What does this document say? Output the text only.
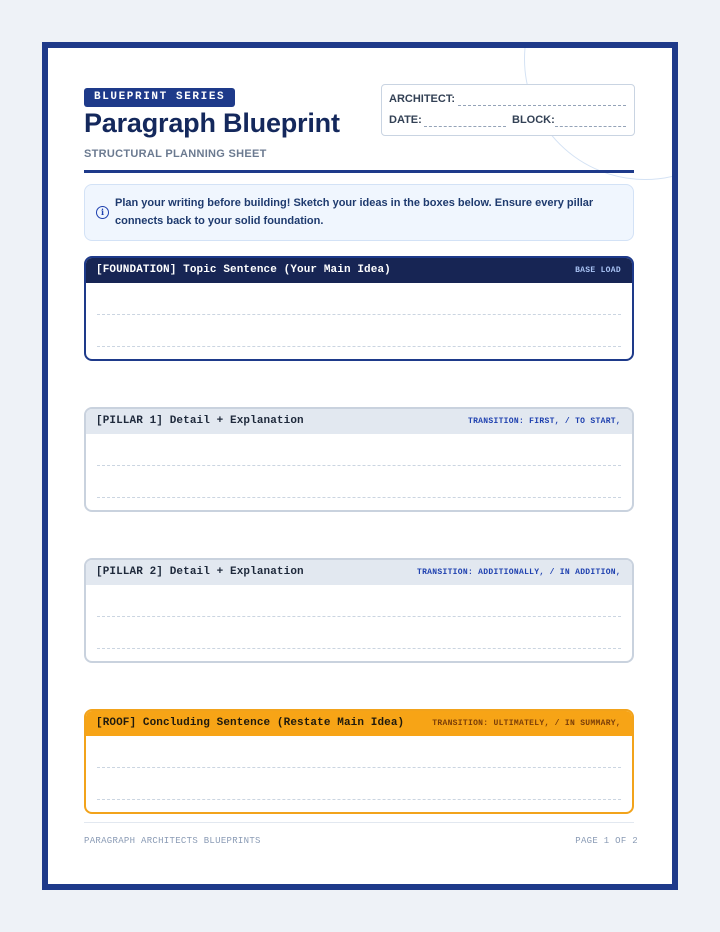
BLUEPRINT SERIES
Paragraph Blueprint
STRUCTURAL PLANNING SHEET
ARCHITECT:
DATE:	BLOCK:
i
Plan your writing before building! Sketch your ideas in the boxes below. Ensure every pillar connects back to your solid foundation.
[FOUNDATION] Topic Sentence (Your Main Idea)	BASE LOAD
[PILLAR 1] Detail + Explanation	TRANSITION: FIRST, / TO START,
[PILLAR 2] Detail + Explanation	TRANSITION: ADDITIONALLY, / IN ADDITION,
[ROOF] Concluding Sentence (Restate Main Idea)	TRANSITION: ULTIMATELY, / IN SUMMARY,
PARAGRAPH ARCHITECTS BLUEPRINTS	PAGE 1 OF 2
